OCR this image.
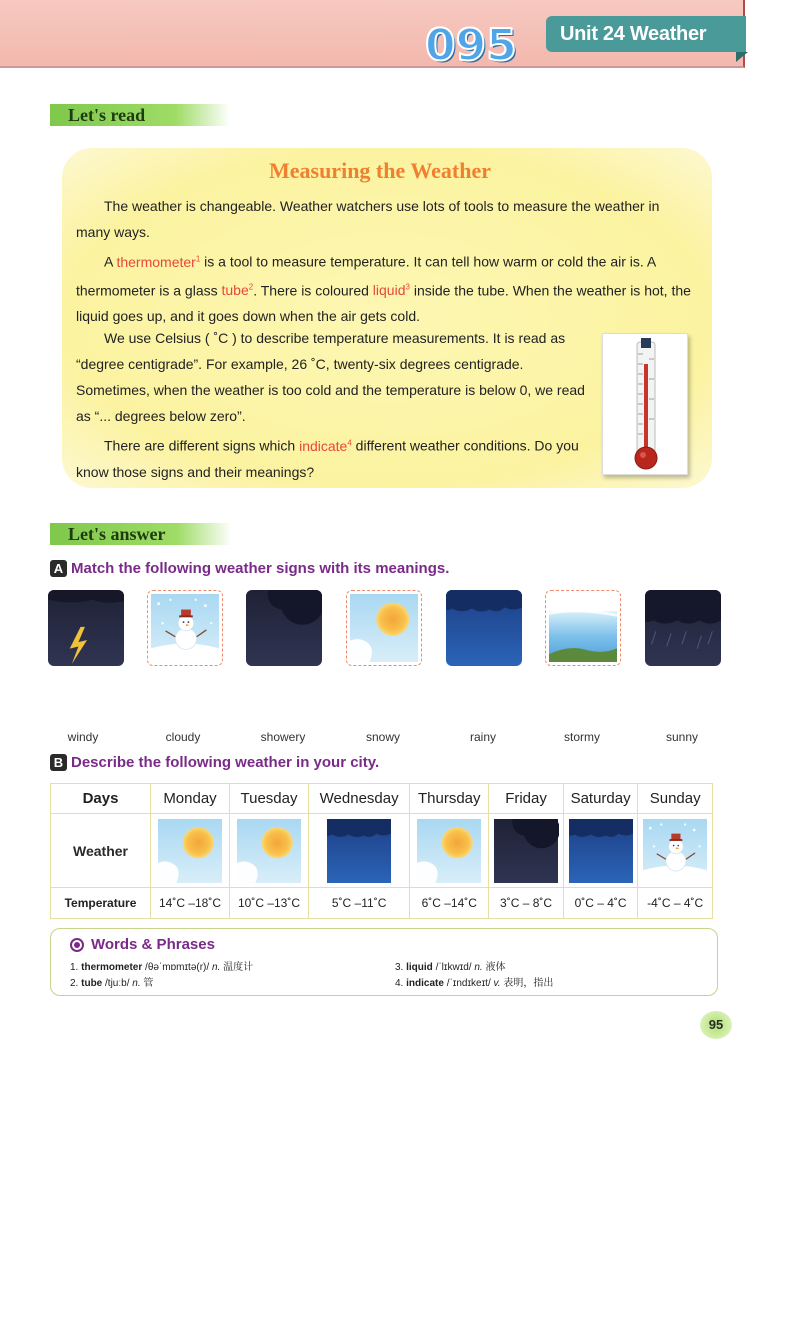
095	Unit 24 Weather
Let's read
Measuring the Weather

The weather is changeable. Weather watchers use lots of tools to measure the weather in many ways.

A thermometer$^1$ is a tool to measure temperature. It can tell how warm or cold the air is. A thermometer is a glass tube$^2$. There is coloured liquid$^3$ inside the tube. When the weather is hot, the liquid goes up, and it goes down when the air gets cold.

We use Celsius ( ˚C ) to describe temperature measurements. It is read as “degree centigrade”. For example, 26 ˚C, twenty-six degrees centigrade. Sometimes, when the weather is too cold and the temperature is below 0, we read as “... degrees below zero”.

There are different signs which indicate$^4$ different weather conditions. Do you know those signs and their meanings?

Let's answer
A Match the following weather signs with its meanings.
windy	cloudy	showery	snowy	rainy	stormy	sunny
B Describe the following weather in your city.
Days	Monday	Tuesday	Wednesday	Thursday	Friday	Saturday	Sunday
Weather	

Temperature	14˚C –18˚C	10˚C –13˚C	5˚C –11˚C	6˚C –14˚C	3˚C – 8˚C	0˚C – 4˚C	-4˚C – 4˚C
Words & Phrases
1. thermometer /θəˈmɒmɪtə(r)/ n. 温度计
2. tube /tjuːb/ n. 管
3. liquid /ˈlɪkwɪd/ n. 液体
4. indicate /ˈɪndɪkeɪt/ v. 表明，指出
95
